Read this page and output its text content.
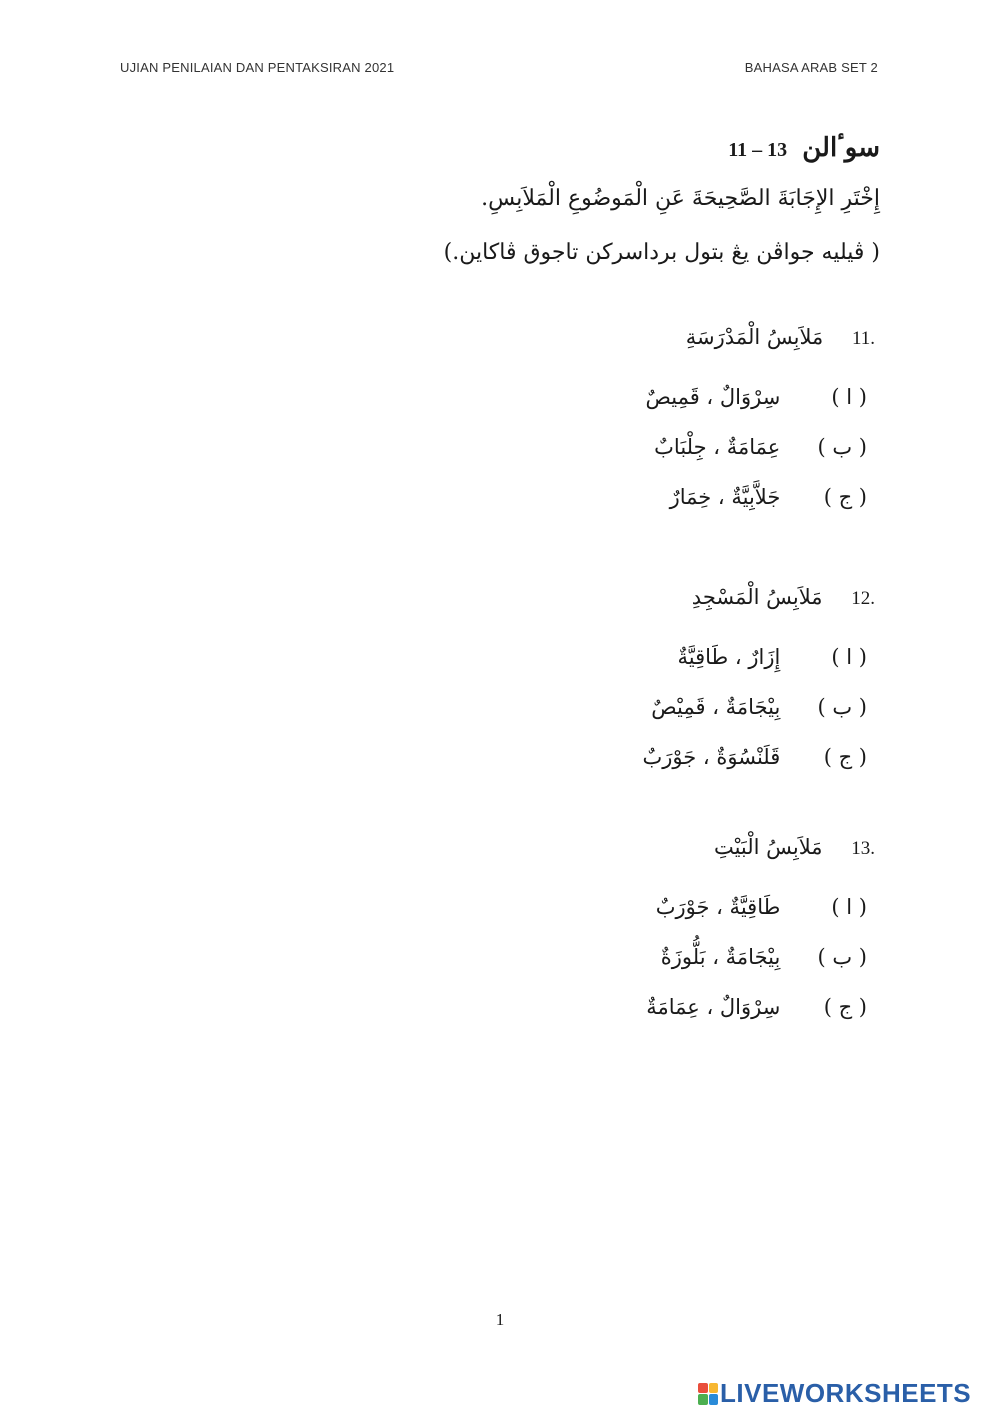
UJIAN PENILAIAN DAN PENTAKSIRAN 2021	BAHASA ARAB SET 2
سوٴالن 11 – 13
إِخْتَرِ الإِجَابَةَ الصَّحِيحَةَ عَنِ الْمَوضُوعِ الْمَلاَبِسِ.
( ڤيليه جواڤن يڠ بتول برداسرکن تاجوق ڤاکاين.)
11. مَلاَبِسُ الْمَدْرَسَةِ
( ا ) سِرْوَالٌ ، قَمِيصٌ
( ب ) عِمَامَةٌ ، جِلْبَابٌ
( ج ) جَلاَّبِيَّةٌ ، خِمَارٌ
12. مَلاَبِسُ الْمَسْجِدِ
( ا ) إِزَارٌ ، طَاقِيَّةٌ
( ب ) بِيْجَامَةٌ ، قَمِيْصٌ
( ج ) قَلَنْسُوَةٌ ، جَوْرَبٌ
13. مَلاَبِسُ الْبَيْتِ
( ا ) طَاقِيَّةٌ ، جَوْرَبٌ
( ب ) بِيْجَامَةٌ ، بَلُّوزَةٌ
( ج ) سِرْوَالٌ ، عِمَامَةٌ
1
LIVEWORKSHEETS
